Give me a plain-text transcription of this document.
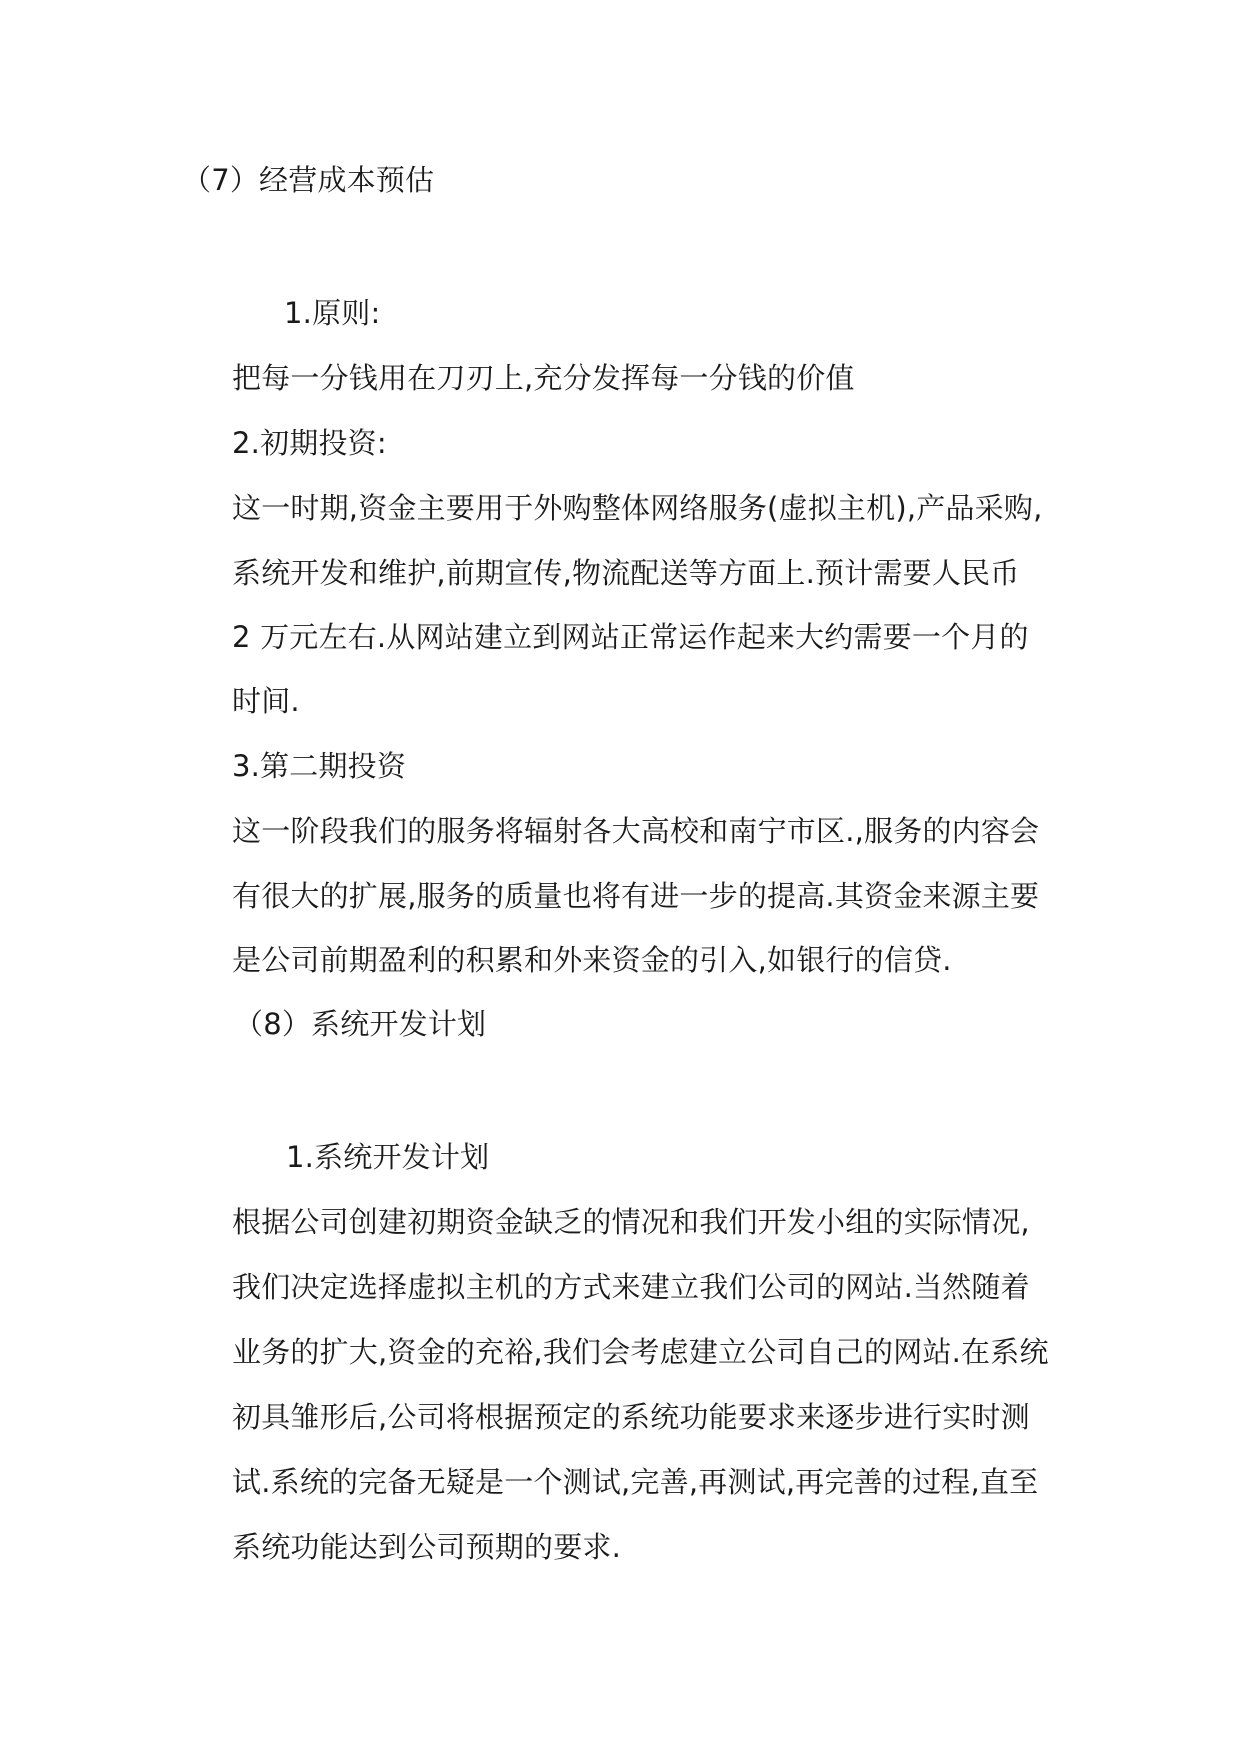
（7）经营成本预估
1.原则:
把每一分钱用在刀刃上,充分发挥每一分钱的价值
2.初期投资:
这一时期,资金主要用于外购整体网络服务(虚拟主机),产品采购,
系统开发和维护,前期宣传,物流配送等方面上.预计需要人民币
2 万元左右.从网站建立到网站正常运作起来大约需要一个月的
时间.
3.第二期投资
这一阶段我们的服务将辐射各大高校和南宁市区.,服务的内容会
有很大的扩展,服务的质量也将有进一步的提高.其资金来源主要
是公司前期盈利的积累和外来资金的引入,如银行的信贷.
（8）系统开发计划
1.系统开发计划
根据公司创建初期资金缺乏的情况和我们开发小组的实际情况,
我们决定选择虚拟主机的方式来建立我们公司的网站.当然随着
业务的扩大,资金的充裕,我们会考虑建立公司自己的网站.在系统
初具雏形后,公司将根据预定的系统功能要求来逐步进行实时测
试.系统的完备无疑是一个测试,完善,再测试,再完善的过程,直至
系统功能达到公司预期的要求.
